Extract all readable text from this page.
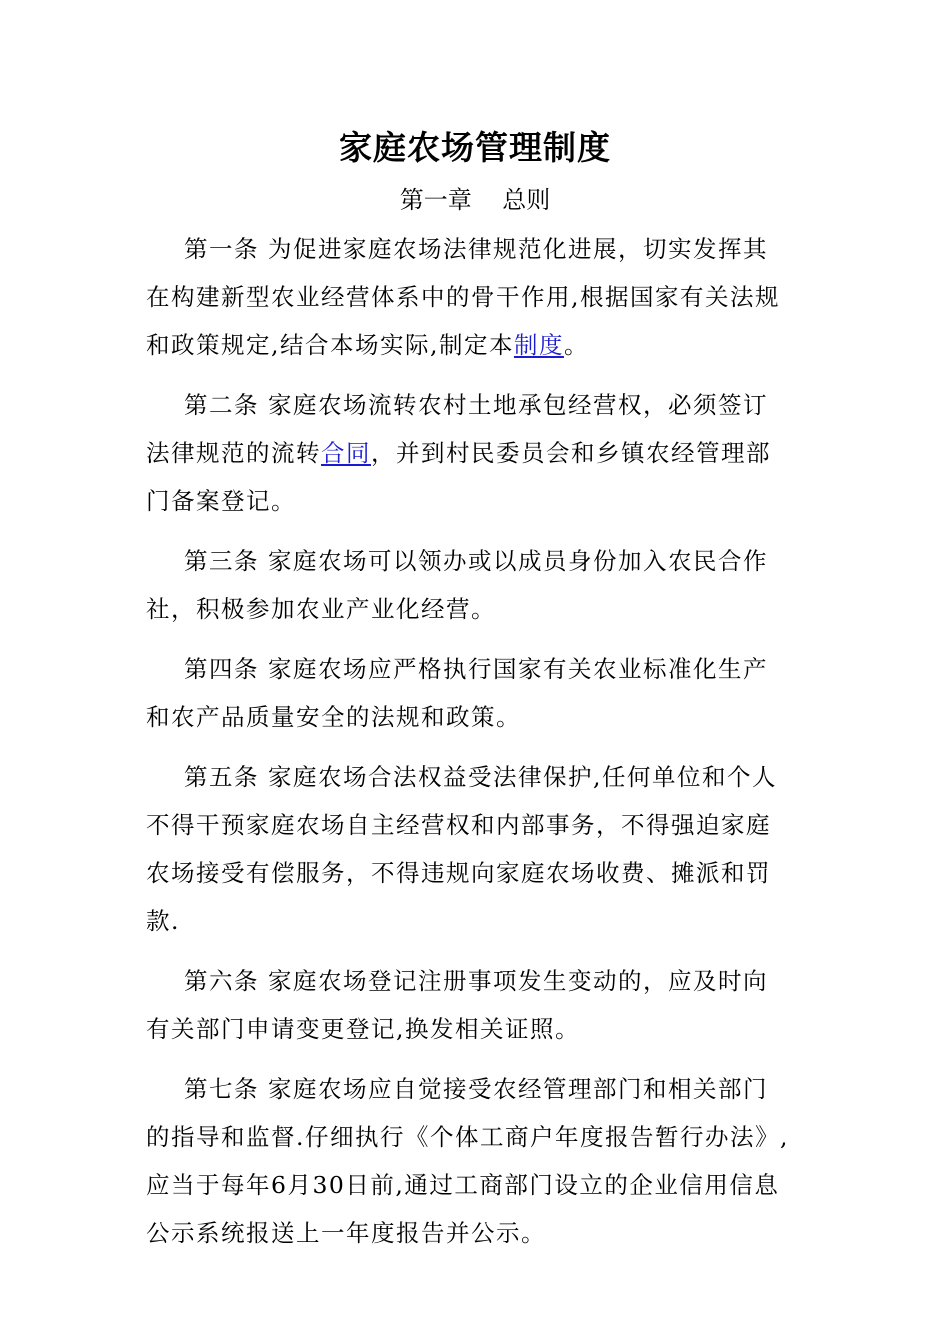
家庭农场管理制度
第一章    总则
第一条 为促进家庭农场法律规范化进展，切实发挥其
在构建新型农业经营体系中的骨干作用,根据国家有关法规
和政策规定,结合本场实际,制定本制度。
第二条 家庭农场流转农村土地承包经营权，必须签订
法律规范的流转合同，并到村民委员会和乡镇农经管理部
门备案登记。
第三条 家庭农场可以领办或以成员身份加入农民合作
社，积极参加农业产业化经营。
第四条 家庭农场应严格执行国家有关农业标准化生产
和农产品质量安全的法规和政策。
第五条 家庭农场合法权益受法律保护,任何单位和个人
不得干预家庭农场自主经营权和内部事务，不得强迫家庭
农场接受有偿服务，不得违规向家庭农场收费、摊派和罚
款.
第六条 家庭农场登记注册事项发生变动的，应及时向
有关部门申请变更登记,换发相关证照。
第七条 家庭农场应自觉接受农经管理部门和相关部门
的指导和监督.仔细执行《个体工商户年度报告暂行办法》,
应当于每年6月30日前,通过工商部门设立的企业信用信息
公示系统报送上一年度报告并公示。
